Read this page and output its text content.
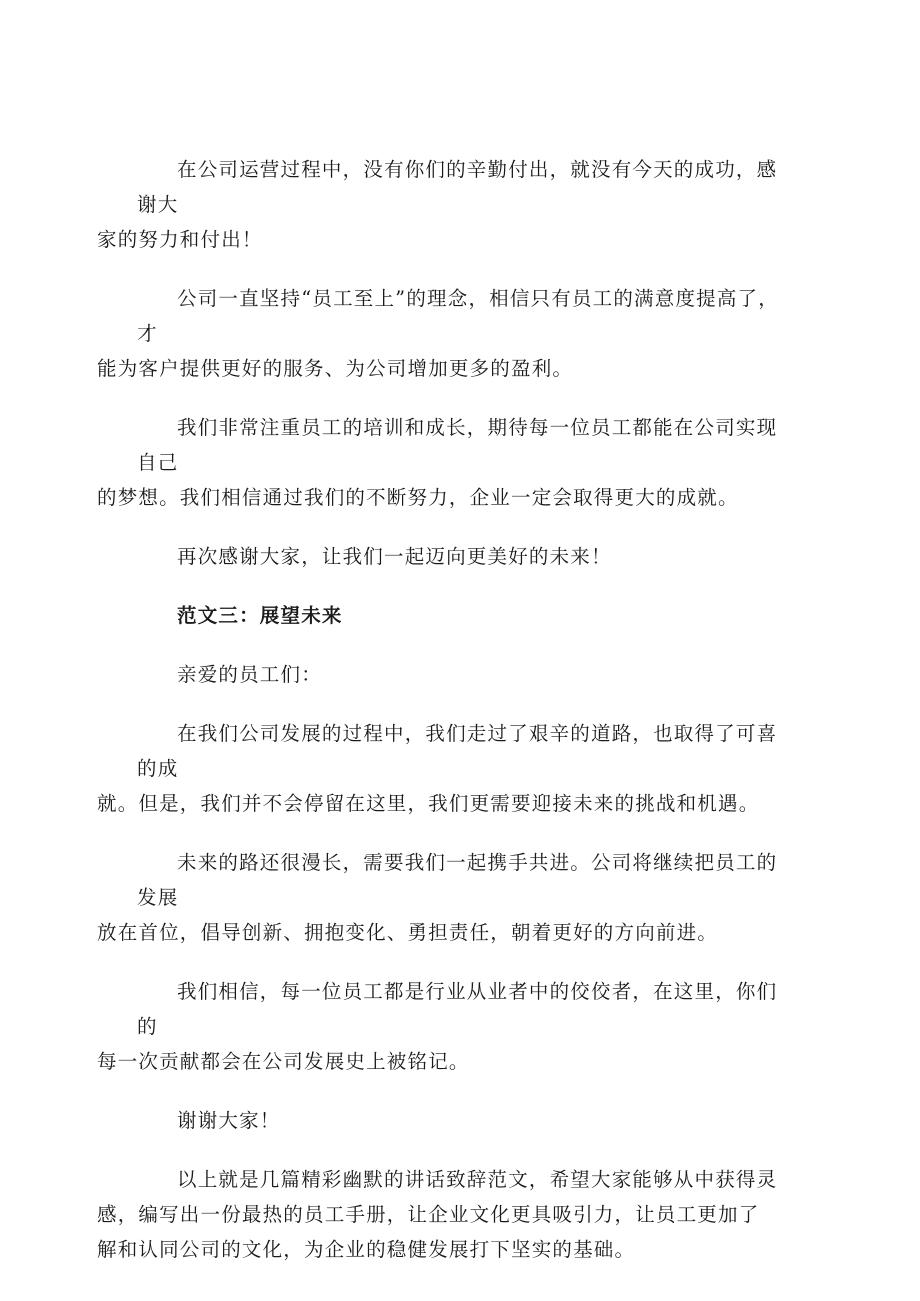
在公司运营过程中，没有你们的辛勤付出，就没有今天的成功，感谢大
家的努力和付出！

公司一直坚持“员工至上”的理念，相信只有员工的满意度提高了，才
能为客户提供更好的服务、为公司增加更多的盈利。

我们非常注重员工的培训和成长，期待每一位员工都能在公司实现自己
的梦想。我们相信通过我们的不断努力，企业一定会取得更大的成就。

再次感谢大家，让我们一起迈向更美好的未来！

范文三：展望未来

亲爱的员工们：

在我们公司发展的过程中，我们走过了艰辛的道路，也取得了可喜的成
就。但是，我们并不会停留在这里，我们更需要迎接未来的挑战和机遇。

未来的路还很漫长，需要我们一起携手共进。公司将继续把员工的发展
放在首位，倡导创新、拥抱变化、勇担责任，朝着更好的方向前进。

我们相信，每一位员工都是行业从业者中的佼佼者，在这里，你们的
每一次贡献都会在公司发展史上被铭记。

谢谢大家！

以上就是几篇精彩幽默的讲话致辞范文，希望大家能够从中获得灵
感，编写出一份最热的员工手册，让企业文化更具吸引力，让员工更加了
解和认同公司的文化，为企业的稳健发展打下坚实的基础。
